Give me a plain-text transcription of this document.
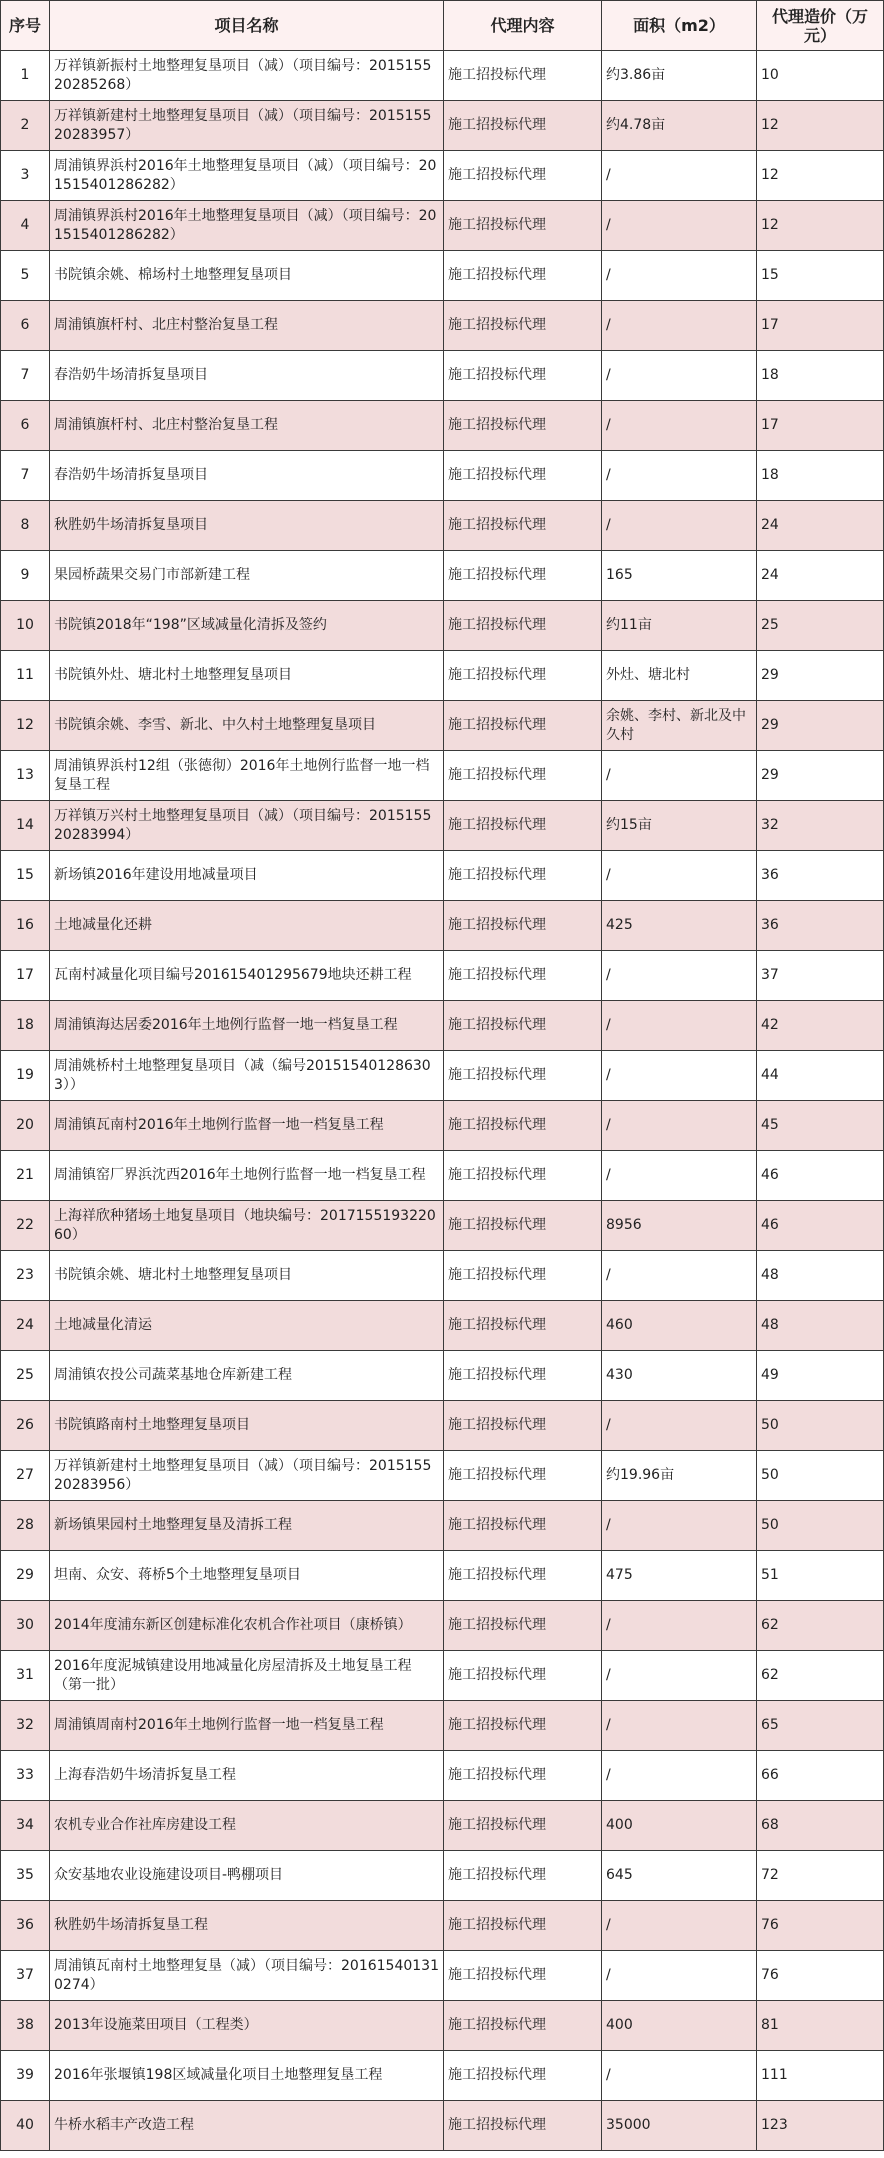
序号	项目名称	代理内容	面积（m2）	代理造价（万元）
1	万祥镇新振村土地整理复垦项目（减）（项目编号：201515520285268）	施工招投标代理	约3.86亩	10
2	万祥镇新建村土地整理复垦项目（减）（项目编号：201515520283957）	施工招投标代理	约4.78亩	12
3	周浦镇界浜村2016年土地整理复垦项目（减）（项目编号：201515401286282）	施工招投标代理	/	12
4	周浦镇界浜村2016年土地整理复垦项目（减）（项目编号：201515401286282）	施工招投标代理	/	12
5	书院镇余姚、棉场村土地整理复垦项目	施工招投标代理	/	15
6	周浦镇旗杆村、北庄村整治复垦工程	施工招投标代理	/	17
7	春浩奶牛场清拆复垦项目	施工招投标代理	/	18
6	周浦镇旗杆村、北庄村整治复垦工程	施工招投标代理	/	17
7	春浩奶牛场清拆复垦项目	施工招投标代理	/	18
8	秋胜奶牛场清拆复垦项目	施工招投标代理	/	24
9	果园桥蔬果交易门市部新建工程	施工招投标代理	165	24
10	书院镇2018年“198”区域减量化清拆及签约	施工招投标代理	约11亩	25
11	书院镇外灶、塘北村土地整理复垦项目	施工招投标代理	外灶、塘北村	29
12	书院镇余姚、李雪、新北、中久村土地整理复垦项目	施工招投标代理	余姚、李村、新北及中久村	29
13	周浦镇界浜村12组（张德彻）2016年土地例行监督一地一档复垦工程	施工招投标代理	/	29
14	万祥镇万兴村土地整理复垦项目（减）（项目编号：201515520283994）	施工招投标代理	约15亩	32
15	新场镇2016年建设用地减量项目	施工招投标代理	/	36
16	土地减量化还耕	施工招投标代理	425	36
17	瓦南村减量化项目编号201615401295679地块还耕工程	施工招投标代理	/	37
18	周浦镇海达居委2016年土地例行监督一地一档复垦工程	施工招投标代理	/	42
19	周浦姚桥村土地整理复垦项目（减（编号201515401286303））	施工招投标代理	/	44
20	周浦镇瓦南村2016年土地例行监督一地一档复垦工程	施工招投标代理	/	45
21	周浦镇窑厂界浜沈西2016年土地例行监督一地一档复垦工程	施工招投标代理	/	46
22	上海祥欣种猪场土地复垦项目（地块编号：201715519322060）	施工招投标代理	8956	46
23	书院镇余姚、塘北村土地整理复垦项目	施工招投标代理	/	48
24	土地减量化清运	施工招投标代理	460	48
25	周浦镇农投公司蔬菜基地仓库新建工程	施工招投标代理	430	49
26	书院镇路南村土地整理复垦项目	施工招投标代理	/	50
27	万祥镇新建村土地整理复垦项目（减）（项目编号：201515520283956）	施工招投标代理	约19.96亩	50
28	新场镇果园村土地整理复垦及清拆工程	施工招投标代理	/	50
29	坦南、众安、蒋桥5个土地整理复垦项目	施工招投标代理	475	51
30	2014年度浦东新区创建标准化农机合作社项目（康桥镇）	施工招投标代理	/	62
31	2016年度泥城镇建设用地减量化房屋清拆及土地复垦工程（第一批）	施工招投标代理	/	62
32	周浦镇周南村2016年土地例行监督一地一档复垦工程	施工招投标代理	/	65
33	上海春浩奶牛场清拆复垦工程	施工招投标代理	/	66
34	农机专业合作社库房建设工程	施工招投标代理	400	68
35	众安基地农业设施建设项目-鸭棚项目	施工招投标代理	645	72
36	秋胜奶牛场清拆复垦工程	施工招投标代理	/	76
37	周浦镇瓦南村土地整理复垦（减）（项目编号：201615401310274）	施工招投标代理	/	76
38	2013年设施菜田项目（工程类）	施工招投标代理	400	81
39	2016年张堰镇198区域减量化项目土地整理复垦工程	施工招投标代理	/	111
40	牛桥水稻丰产改造工程	施工招投标代理	35000	123
